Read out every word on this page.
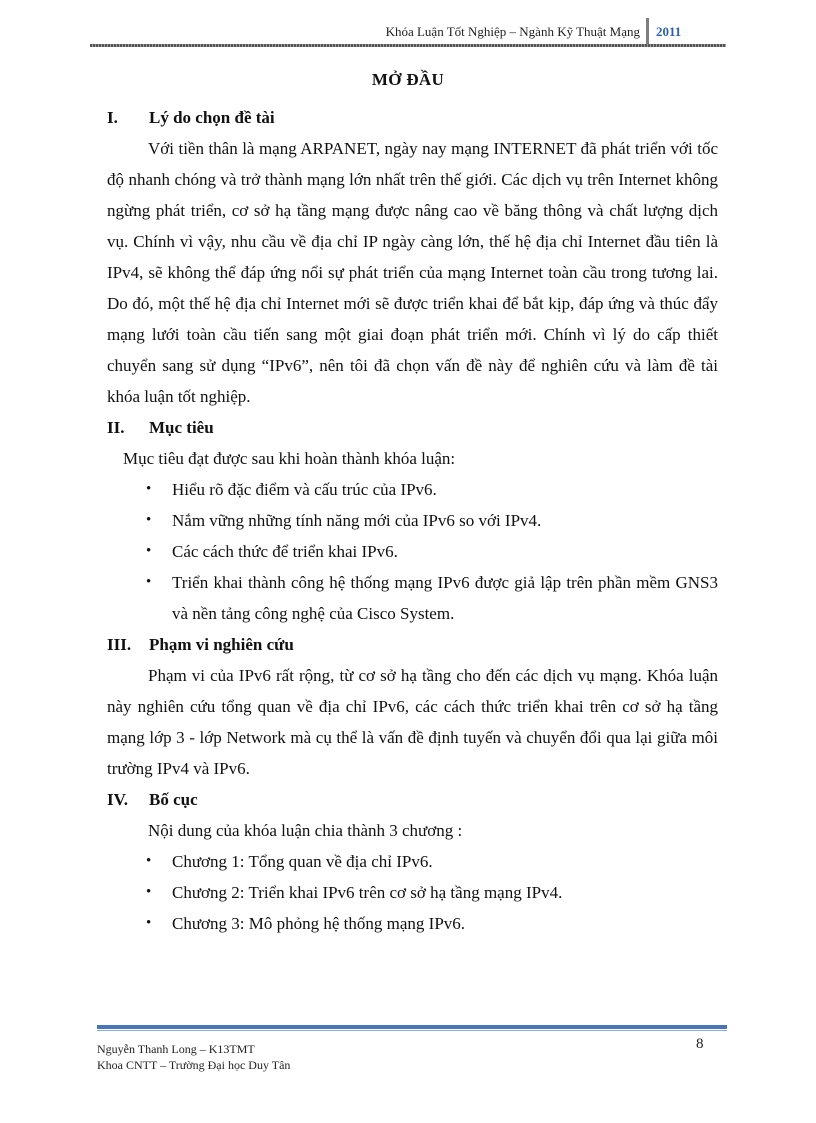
Khóa Luận Tốt Nghiệp – Ngành Kỹ Thuật Mạng 2011
MỞ ĐẦU
I.	Lý do chọn đề tài

Với tiền thân là mạng ARPANET, ngày nay mạng INTERNET đã phát triển với tốc độ nhanh chóng và trở thành mạng lớn nhất trên thế giới. Các dịch vụ trên Internet không ngừng phát triển, cơ sở hạ tầng mạng được nâng cao về băng thông và chất lượng dịch vụ. Chính vì vậy, nhu cầu về địa chỉ IP ngày càng lớn, thế hệ địa chỉ Internet đầu tiên là IPv4, sẽ không thể đáp ứng nổi sự phát triển của mạng Internet toàn cầu trong tương lai. Do đó, một thế hệ địa chỉ Internet mới sẽ được triển khai để bắt kịp, đáp ứng và thúc đẩy mạng lưới toàn cầu tiến sang một giai đoạn phát triển mới. Chính vì lý do cấp thiết chuyển sang sử dụng “IPv6”, nên tôi đã chọn vấn đề này để nghiên cứu và làm đề tài khóa luận tốt nghiệp.

II.	Mục tiêu

Mục tiêu đạt được sau khi hoàn thành khóa luận:

• Hiểu rõ đặc điểm và cấu trúc của IPv6.
• Nắm vững những tính năng mới của IPv6 so với IPv4.
• Các cách thức để triển khai IPv6.
• Triển khai thành công hệ thống mạng IPv6 được giả lập trên phần mềm GNS3 và nền tảng công nghệ của Cisco System.
III.	Phạm vi nghiên cứu

Phạm vi của IPv6 rất rộng, từ cơ sở hạ tầng cho đến các dịch vụ mạng. Khóa luận này nghiên cứu tổng quan về địa chỉ IPv6, các cách thức triển khai trên cơ sở hạ tầng mạng lớp 3 - lớp Network mà cụ thể là vấn đề định tuyến và chuyển đổi qua lại giữa môi trường IPv4 và IPv6.

IV.	Bố cục

Nội dung của khóa luận chia thành 3 chương :

• Chương 1: Tổng quan về địa chỉ IPv6.
• Chương 2: Triển khai IPv6 trên cơ sở hạ tầng mạng IPv4.
• Chương 3: Mô phỏng hệ thống mạng IPv6.
Nguyễn Thanh Long – K13TMT
Khoa CNTT – Trường Đại học Duy Tân
8
